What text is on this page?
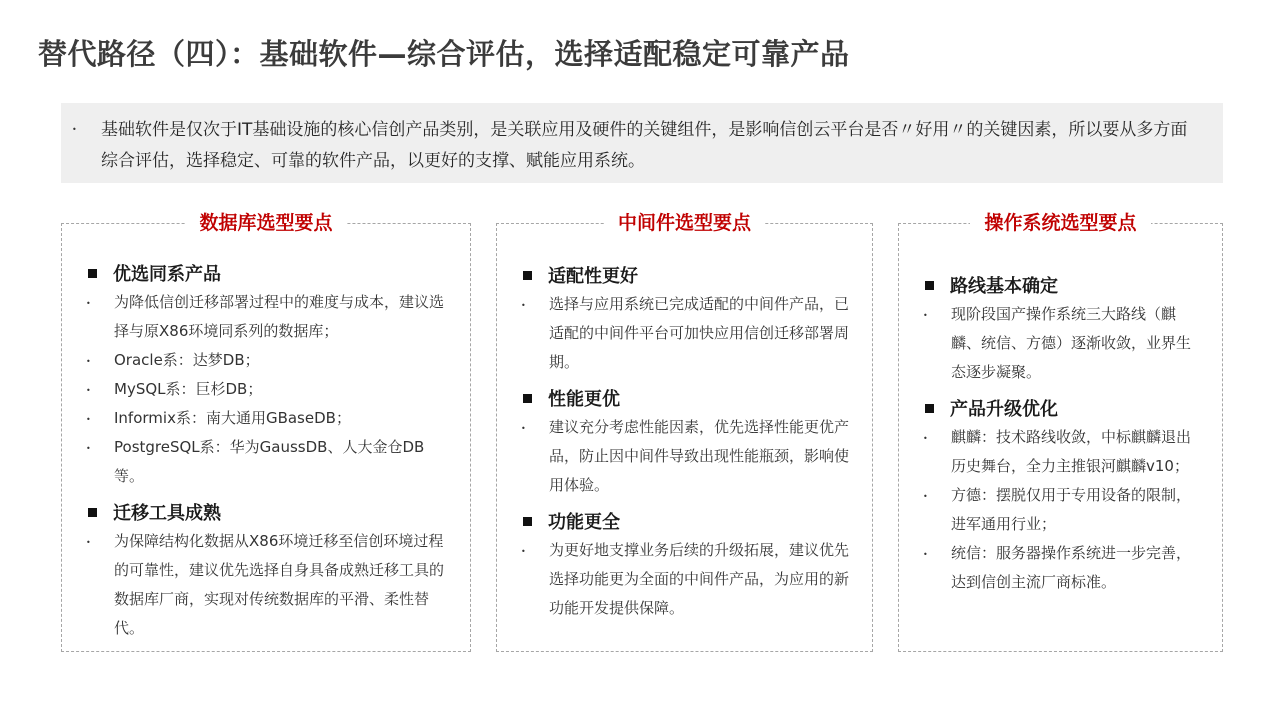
替代路径（四）：基础软件—综合评估，选择适配稳定可靠产品
• 基础软件是仅次于IT基础设施的核心信创产品类别，是关联应用及硬件的关键组件，是影响信创云平台是否〃好用〃的关键因素，所以要从多方面综合评估，选择稳定、可靠的软件产品，以更好的支撑、赋能应用系统。
数据库选型要点
优选同系产品
• 为降低信创迁移部署过程中的难度与成本，建议选择与原X86环境同系列的数据库；
• Oracle系：达梦DB；
• MySQL系：巨杉DB；
• Informix系：南大通用GBaseDB；
• PostgreSQL系：华为GaussDB、人大金仓DB等。
迁移工具成熟
• 为保障结构化数据从X86环境迁移至信创环境过程的可靠性，建议优先选择自身具备成熟迁移工具的数据库厂商，实现对传统数据库的平滑、柔性替代。
中间件选型要点
适配性更好
• 选择与应用系统已完成适配的中间件产品，已适配的中间件平台可加快应用信创迁移部署周期。
性能更优
• 建议充分考虑性能因素，优先选择性能更优产品，防止因中间件导致出现性能瓶颈，影响使用体验。
功能更全
• 为更好地支撑业务后续的升级拓展，建议优先选择功能更为全面的中间件产品，为应用的新功能开发提供保障。
操作系统选型要点
路线基本确定
• 现阶段国产操作系统三大路线（麒麟、统信、方德）逐渐收敛，业界生态逐步凝聚。
产品升级优化
• 麒麟：技术路线收敛，中标麒麟退出历史舞台，全力主推银河麒麟v10；
• 方德：摆脱仅用于专用设备的限制，进军通用行业；
• 统信：服务器操作系统进一步完善，达到信创主流厂商标准。
